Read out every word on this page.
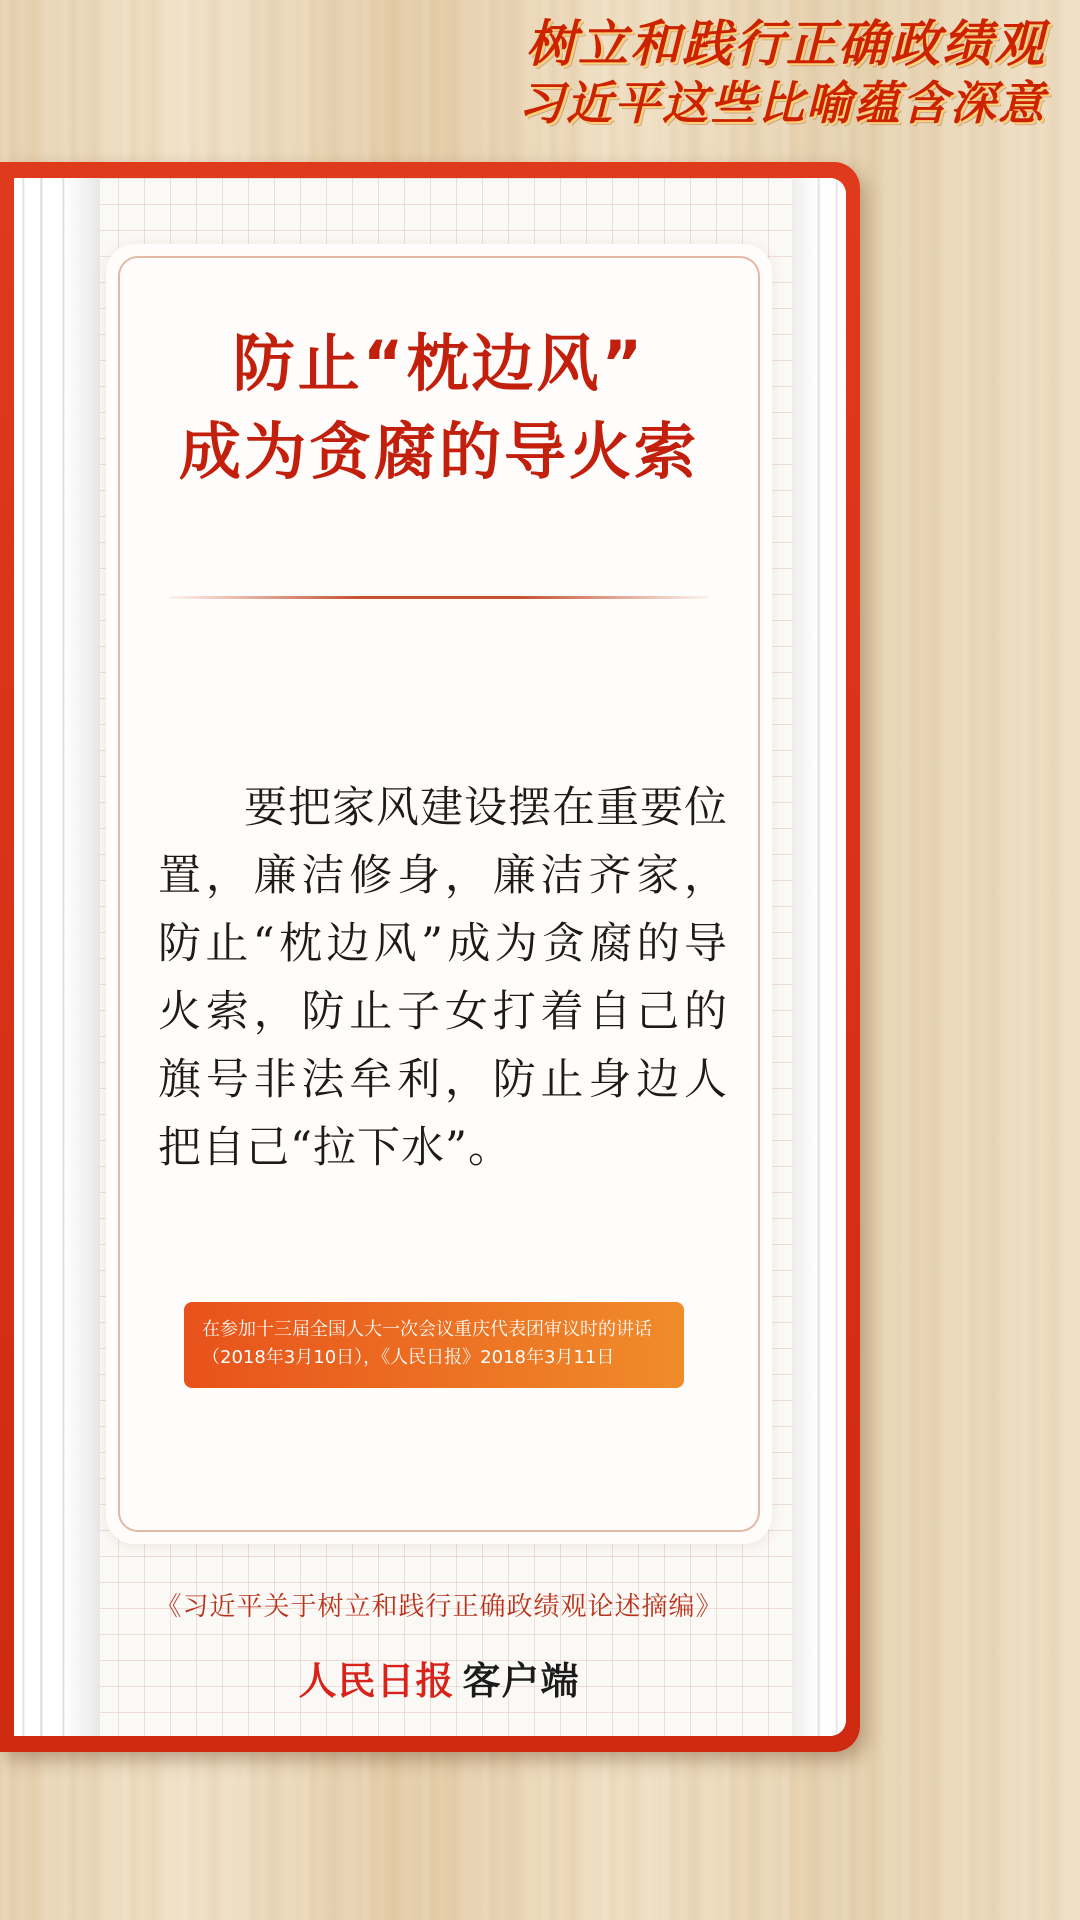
树立和践行正确政绩观
习近平这些比喻蕴含深意
防止“枕边风”
成为贪腐的导火索
要把家风建设摆在重要位置，廉洁修身，廉洁齐家，防止“枕边风”成为贪腐的导火索，防止子女打着自己的旗号非法牟利，防止身边人把自己“拉下水”。
在参加十三届全国人大一次会议重庆代表团审议时的讲话
（2018年3月10日），《人民日报》2018年3月11日
《习近平关于树立和践行正确政绩观论述摘编》
人民日报 客户端
